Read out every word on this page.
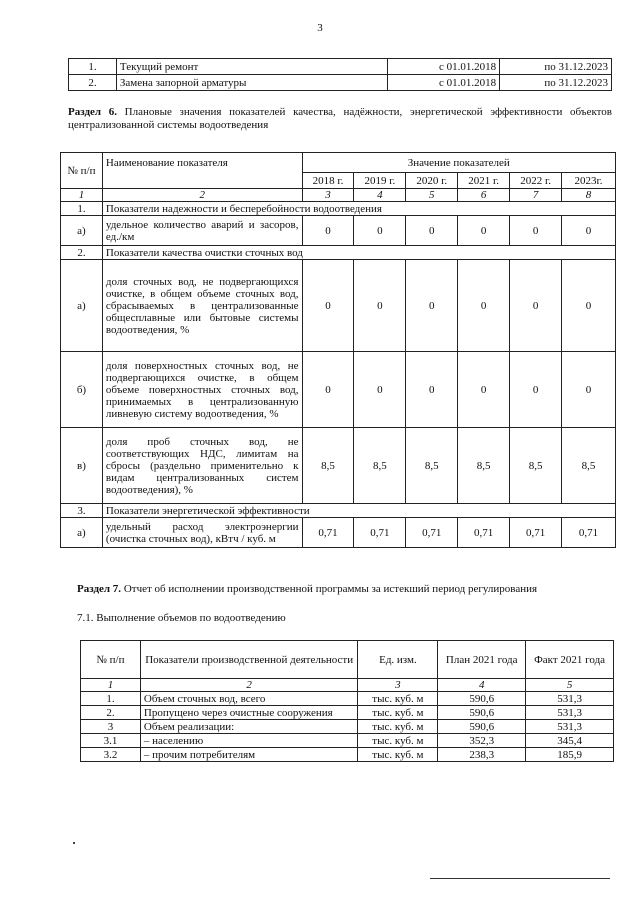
3
1.	Текущий ремонт	с 01.01.2018	по 31.12.2023
2.	Замена запорной арматуры	с 01.01.2018	по 31.12.2023
Раздел 6. Плановые значения показателей качества, надёжности, энергетической эффективности объектов централизованной системы водоотведения
№ п/п	Наименование показателя	Значение показателей					
		2018 г.	2019 г.	2020 г.	2021 г.	2022 г.	2023г.
1	2	3	4	5	6	7	8
1.	Показатели надежности и бесперебойности водоотведения						
а)	удельное количество аварий и засоров, ед./км	0	0	0	0	0	0
2.	Показатели качества очистки сточных вод						
а)	доля сточных вод, не подвергающихся очистке, в общем объеме сточных вод, сбрасываемых в централизованные общесплавные или бытовые системы водоотведения, %	0	0	0	0	0	0
б)	доля поверхностных сточных вод, не подвергающихся очистке, в общем объеме поверхностных сточных вод, принимаемых в централизованную ливневую систему водоотведения, %	0	0	0	0	0	0
в)	доля проб сточных вод, не соответствующих НДС, лимитам на сбросы (раздельно применительно к видам централизованных систем водоотведения), %	8,5	8,5	8,5	8,5	8,5	8,5
3.	Показатели энергетической эффективности						
а)	удельный расход электроэнергии (очистка сточных вод), кВтч / куб. м	0,71	0,71	0,71	0,71	0,71	0,71
Раздел 7. Отчет об исполнении производственной программы за истекший период регулирования
7.1. Выполнение объемов по водоотведению
№ п/п	Показатели производственной деятельности	Ед. изм.	План 2021 года	Факт 2021 года
1	2	3	4	5
1.	Объем сточных вод, всего	тыс. куб. м	590,6	531,3
2.	Пропущено через очистные сооружения	тыс. куб. м	590,6	531,3
3	Объем реализации:	тыс. куб. м	590,6	531,3
3.1	– населению	тыс. куб. м	352,3	345,4
3.2	– прочим потребителям	тыс. куб. м	238,3	185,9
